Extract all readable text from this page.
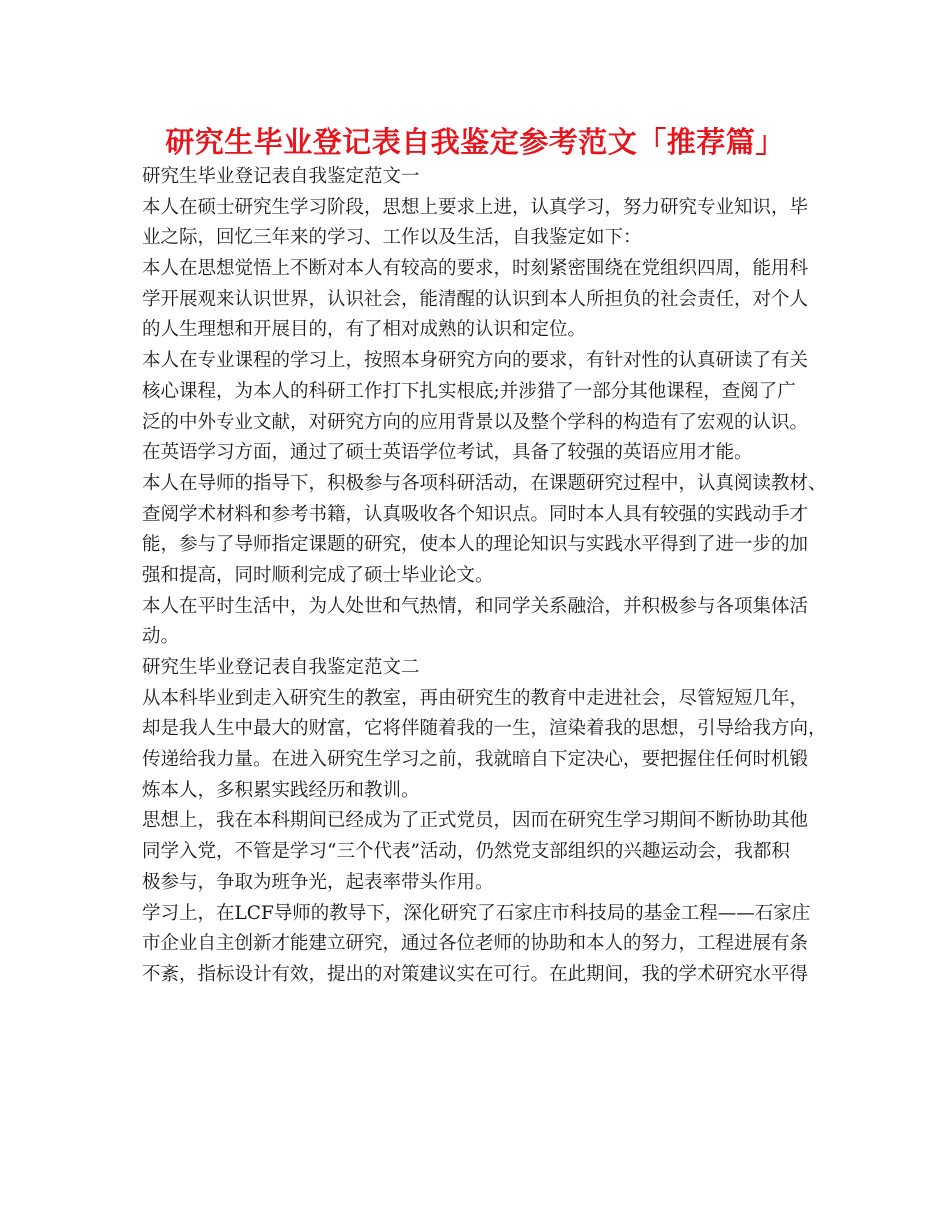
研究生毕业登记表自我鉴定参考范文「推荐篇」
研究生毕业登记表自我鉴定范文一
本人在硕士研究生学习阶段，思想上要求上进，认真学习，努力研究专业知识，毕
业之际，回忆三年来的学习、工作以及生活，自我鉴定如下：
本人在思想觉悟上不断对本人有较高的要求，时刻紧密围绕在党组织四周，能用科
学开展观来认识世界，认识社会，能清醒的认识到本人所担负的社会责任，对个人
的人生理想和开展目的，有了相对成熟的认识和定位。
本人在专业课程的学习上，按照本身研究方向的要求，有针对性的认真研读了有关
核心课程，为本人的科研工作打下扎实根底;并涉猎了一部分其他课程，查阅了广
泛的中外专业文献，对研究方向的应用背景以及整个学科的构造有了宏观的认识。
在英语学习方面，通过了硕士英语学位考试，具备了较强的英语应用才能。
本人在导师的指导下，积极参与各项科研活动，在课题研究过程中，认真阅读教材、
查阅学术材料和参考书籍，认真吸收各个知识点。同时本人具有较强的实践动手才
能，参与了导师指定课题的研究，使本人的理论知识与实践水平得到了进一步的加
强和提高，同时顺利完成了硕士毕业论文。
本人在平时生活中，为人处世和气热情，和同学关系融洽，并积极参与各项集体活
动。
研究生毕业登记表自我鉴定范文二
从本科毕业到走入研究生的教室，再由研究生的教育中走进社会，尽管短短几年，
却是我人生中最大的财富，它将伴随着我的一生，渲染着我的思想，引导给我方向，
传递给我力量。在进入研究生学习之前，我就暗自下定决心，要把握住任何时机锻
炼本人，多积累实践经历和教训。
思想上，我在本科期间已经成为了正式党员，因而在研究生学习期间不断协助其他
同学入党，不管是学习“三个代表”活动，仍然党支部组织的兴趣运动会，我都积
极参与，争取为班争光，起表率带头作用。
学习上，在LCF导师的教导下，深化研究了石家庄市科技局的基金工程——石家庄
市企业自主创新才能建立研究，通过各位老师的协助和本人的努力，工程进展有条
不紊，指标设计有效，提出的对策建议实在可行。在此期间，我的学术研究水平得
